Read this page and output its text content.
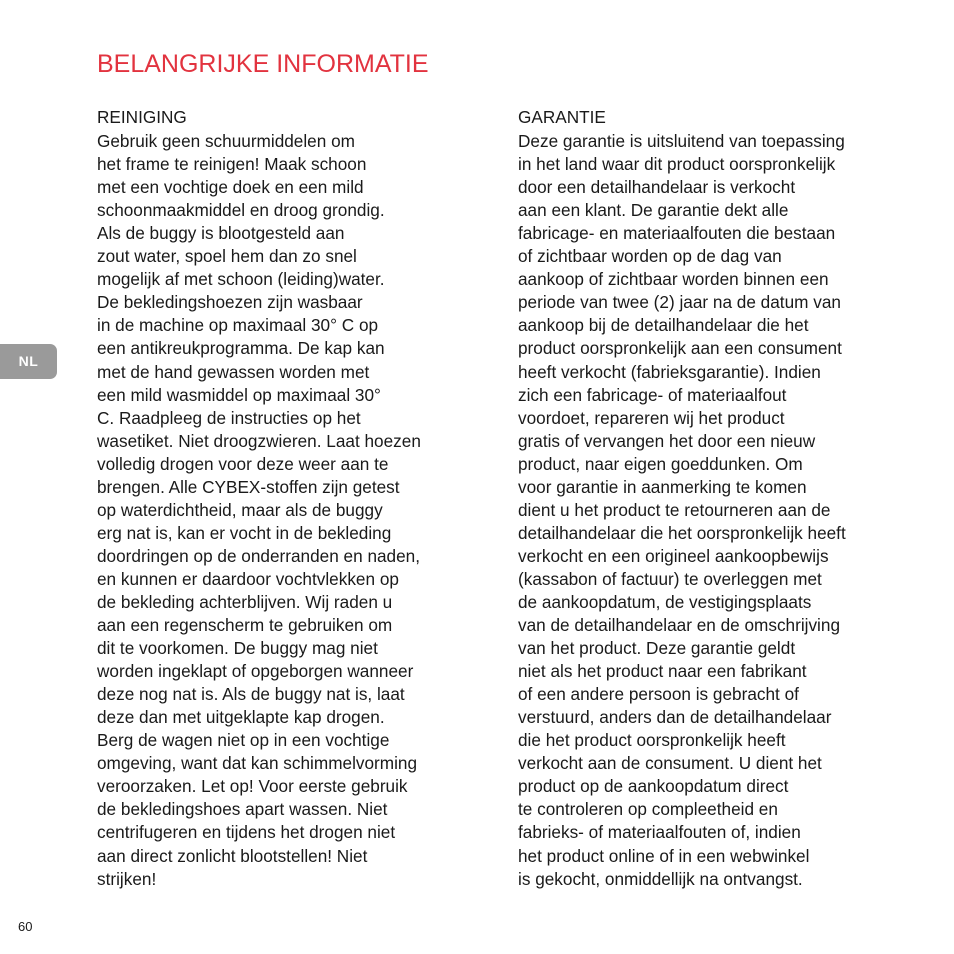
BELANGRIJKE INFORMATIE
NL
REINIGING
Gebruik geen schuurmiddelen om
het frame te reinigen! Maak schoon
met een vochtige doek en een mild
schoonmaakmiddel en droog grondig.
Als de buggy is blootgesteld aan
zout water, spoel hem dan zo snel
mogelijk af met schoon (leiding)water.
De bekledingshoezen zijn wasbaar
in de machine op maximaal 30° C op
een antikreukprogramma. De kap kan
met de hand gewassen worden met
een mild wasmiddel op maximaal 30°
C. Raadpleeg de instructies op het
wasetiket. Niet droogzwieren. Laat hoezen
volledig drogen voor deze weer aan te
brengen. Alle CYBEX-stoffen zijn getest
op waterdichtheid, maar als de buggy
erg nat is, kan er vocht in de bekleding
doordringen op de onderranden en naden,
en kunnen er daardoor vochtvlekken op
de bekleding achterblijven. Wij raden u
aan een regenscherm te gebruiken om
dit te voorkomen. De buggy mag niet
worden ingeklapt of opgeborgen wanneer
deze nog nat is. Als de buggy nat is, laat
deze dan met uitgeklapte kap drogen.
Berg de wagen niet op in een vochtige
omgeving, want dat kan schimmelvorming
veroorzaken. Let op! Voor eerste gebruik
de bekledingshoes apart wassen. Niet
centrifugeren en tijdens het drogen niet
aan direct zonlicht blootstellen! Niet
strijken!
GARANTIE
Deze garantie is uitsluitend van toepassing
in het land waar dit product oorspronkelijk
door een detailhandelaar is verkocht
aan een klant. De garantie dekt alle
fabricage- en materiaalfouten die bestaan
of zichtbaar worden op de dag van
aankoop of zichtbaar worden binnen een
periode van twee (2) jaar na de datum van
aankoop bij de detailhandelaar die het
product oorspronkelijk aan een consument
heeft verkocht (fabrieksgarantie). Indien
zich een fabricage- of materiaalfout
voordoet, repareren wij het product
gratis of vervangen het door een nieuw
product, naar eigen goeddunken. Om
voor garantie in aanmerking te komen
dient u het product te retourneren aan de
detailhandelaar die het oorspronkelijk heeft
verkocht en een origineel aankoopbewijs
(kassabon of factuur) te overleggen met
de aankoopdatum, de vestigingsplaats
van de detailhandelaar en de omschrijving
van het product. Deze garantie geldt
niet als het product naar een fabrikant
of een andere persoon is gebracht of
verstuurd, anders dan de detailhandelaar
die het product oorspronkelijk heeft
verkocht aan de consument. U dient het
product op de aankoopdatum direct
te controleren op compleetheid en
fabrieks- of materiaalfouten of, indien
het product online of in een webwinkel
is gekocht, onmiddellijk na ontvangst.
60
